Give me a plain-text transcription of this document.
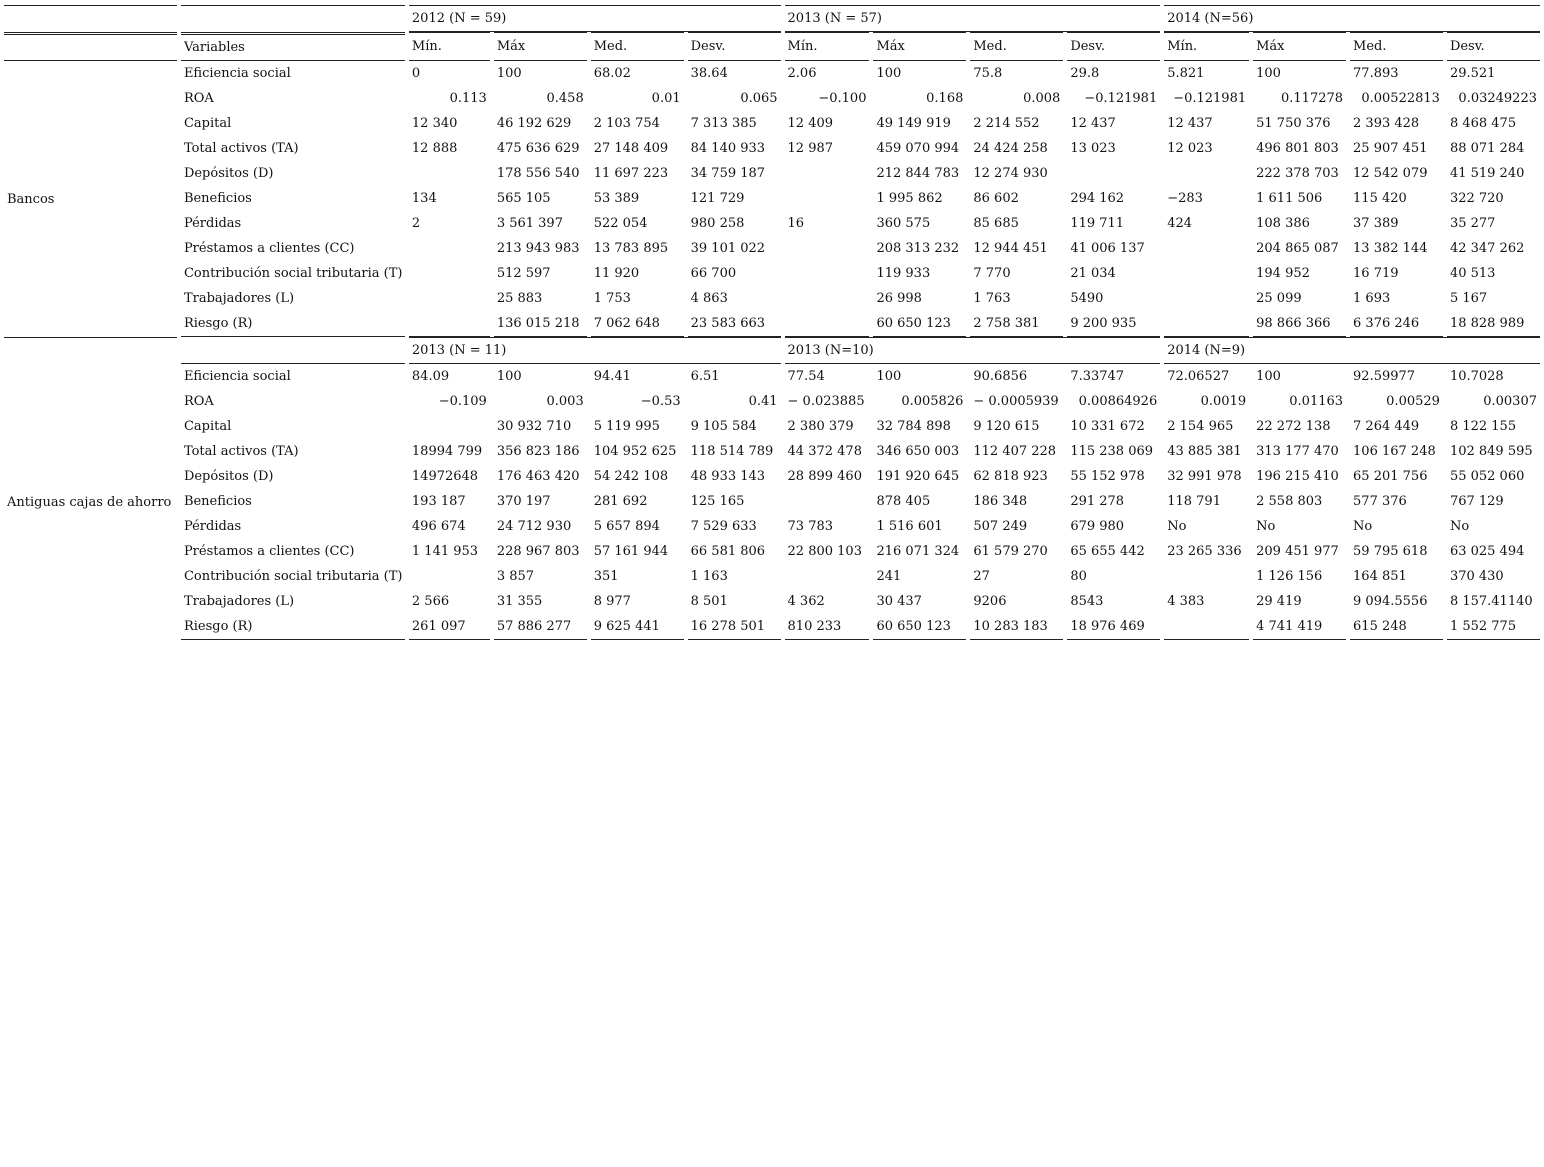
		2012 (N = 59)				2013 (N = 57)				2014 (N=56)			
	Variables	Mín.	Máx	Med.	Desv.	Mín.	Máx	Med.	Desv.	Mín.	Máx	Med.	Desv.
Bancos	Eficiencia social	0	100	68.02	38.64	2.06	100	75.8	29.8	5.821	100	77.893	29.521
	ROA	0.113	0.458	0.01	0.065	−0.100	0.168	0.008	−0.121981	−0.121981	0.117278	0.00522813	0.03249223
	Capital	12 340	46 192 629	2 103 754	7 313 385	12 409	49 149 919	2 214 552	12 437	12 437	51 750 376	2 393 428	8 468 475
	Total activos (TA)	12 888	475 636 629	27 148 409	84 140 933	12 987	459 070 994	24 424 258	13 023	12 023	496 801 803	25 907 451	88 071 284
	Depósitos (D)		178 556 540	11 697 223	34 759 187		212 844 783	12 274 930			222 378 703	12 542 079	41 519 240
	Beneficios	134	565 105	53 389	121 729		1 995 862	86 602	294 162	−283	1 611 506	115 420	322 720
	Pérdidas	2	3 561 397	522 054	980 258	16	360 575	85 685	119 711	424	108 386	37 389	35 277
	Préstamos a clientes (CC)		213 943 983	13 783 895	39 101 022		208 313 232	12 944 451	41 006 137		204 865 087	13 382 144	42 347 262
	Contribución social tributaria (T)		512 597	11 920	66 700		119 933	7 770	21 034		194 952	16 719	40 513
	Trabajadores (L)		25 883	1 753	4 863		26 998	1 763	5490		25 099	1 693	5 167
	Riesgo (R)		136 015 218	7 062 648	23 583 663		60 650 123	2 758 381	9 200 935		98 866 366	6 376 246	18 828 989
		2013 (N = 11)				2013 (N=10)				2014 (N=9)			
Antiguas cajas de ahorro	Eficiencia social	84.09	100	94.41	6.51	77.54	100	90.6856	7.33747	72.06527	100	92.59977	10.7028
	ROA	−0.109	0.003	−0.53	0.41	− 0.023885	0.005826	− 0.0005939	0.00864926	0.0019	0.01163	0.00529	0.00307
	Capital		30 932 710	5 119 995	9 105 584	2 380 379	32 784 898	9 120 615	10 331 672	2 154 965	22 272 138	7 264 449	8 122 155
	Total activos (TA)	18994 799	356 823 186	104 952 625	118 514 789	44 372 478	346 650 003	112 407 228	115 238 069	43 885 381	313 177 470	106 167 248	102 849 595
	Depósitos (D)	14972648	176 463 420	54 242 108	48 933 143	28 899 460	191 920 645	62 818 923	55 152 978	32 991 978	196 215 410	65 201 756	55 052 060
	Beneficios	193 187	370 197	281 692	125 165		878 405	186 348	291 278	118 791	2 558 803	577 376	767 129
	Pérdidas	496 674	24 712 930	5 657 894	7 529 633	73 783	1 516 601	507 249	679 980	No	No	No	No
	Préstamos a clientes (CC)	1 141 953	228 967 803	57 161 944	66 581 806	22 800 103	216 071 324	61 579 270	65 655 442	23 265 336	209 451 977	59 795 618	63 025 494
	Contribución social tributaria (T)		3 857	351	1 163		241	27	80		1 126 156	164 851	370 430
	Trabajadores (L)	2 566	31 355	8 977	8 501	4 362	30 437	9206	8543	4 383	29 419	9 094.5556	8 157.41140
	Riesgo (R)	261 097	57 886 277	9 625 441	16 278 501	810 233	60 650 123	10 283 183	18 976 469		4 741 419	615 248	1 552 775
